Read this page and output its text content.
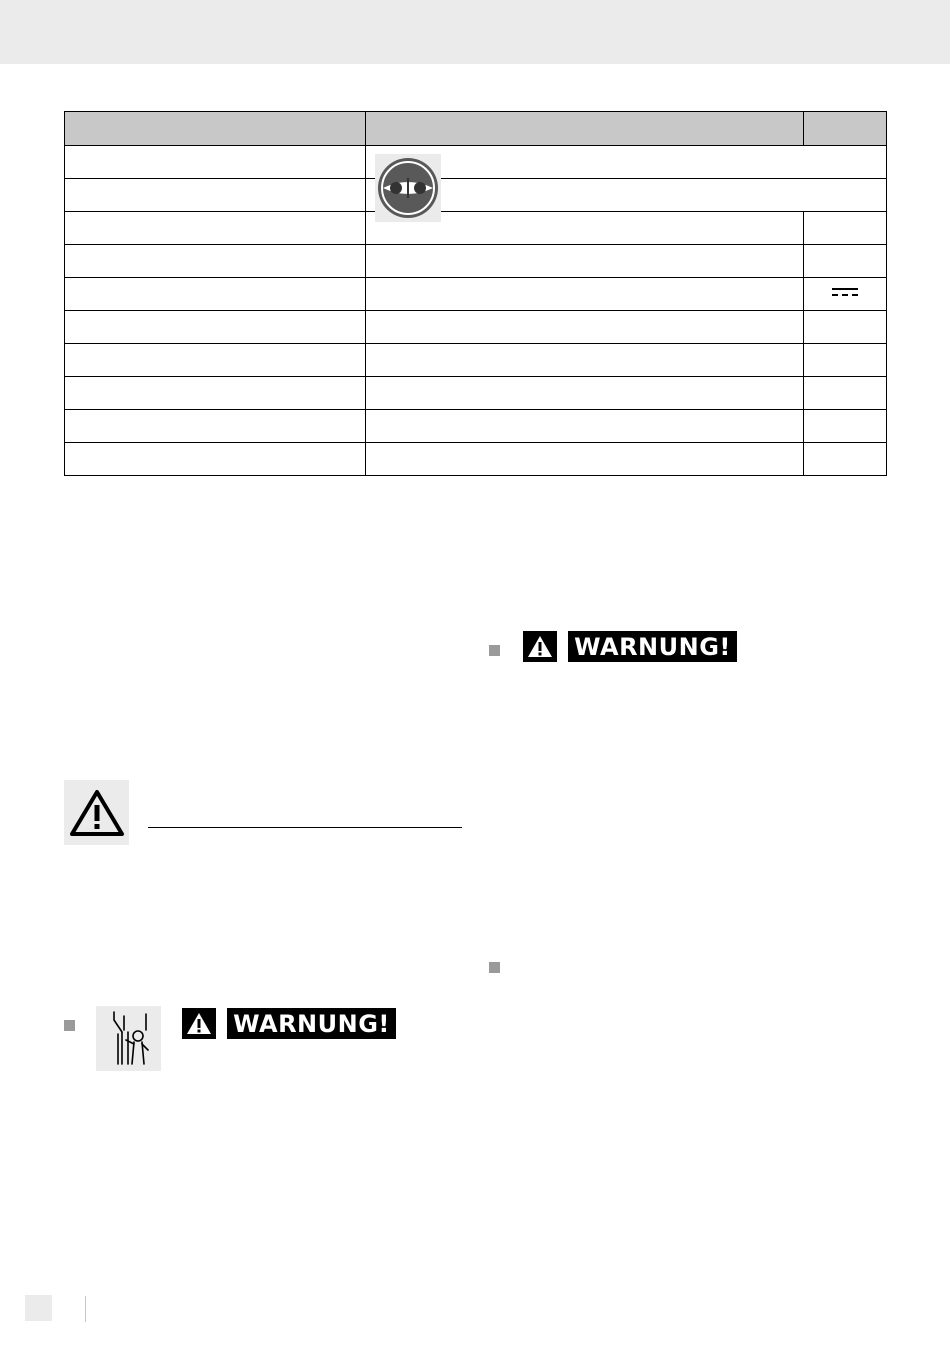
WARNUNG!
WARNUNG!
